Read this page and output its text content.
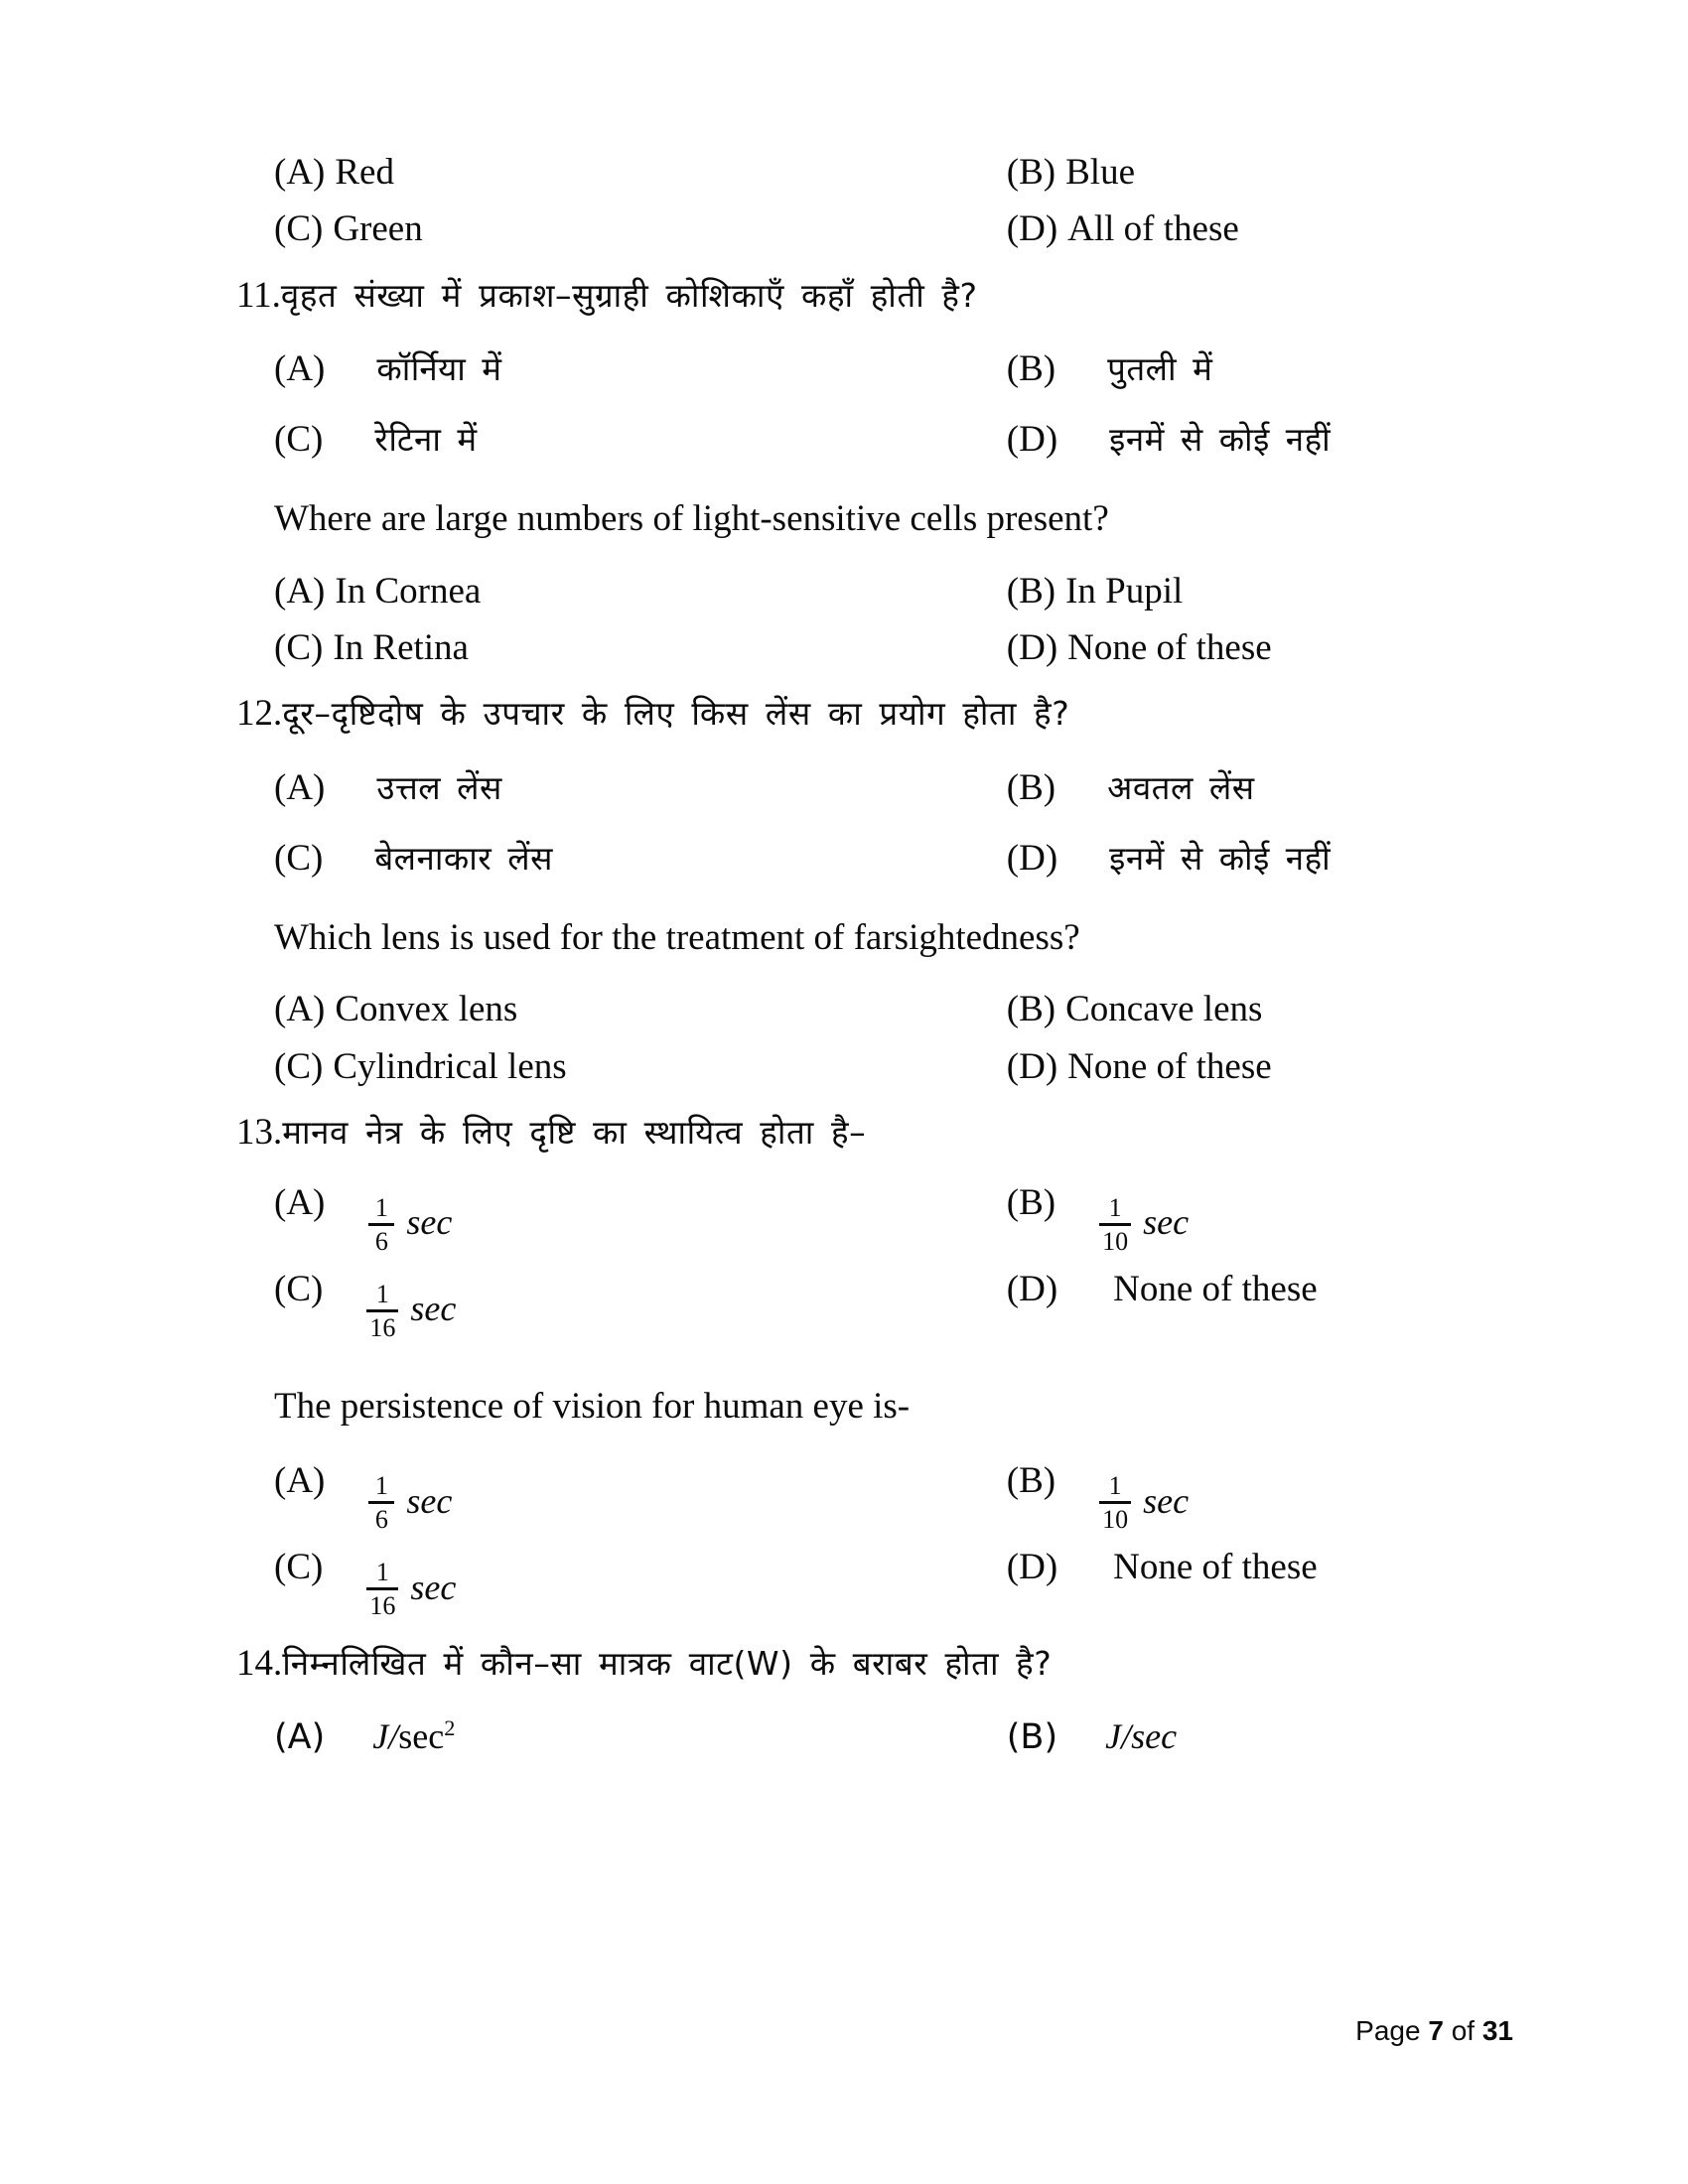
(A) Red	(B) Blue
(C) Green	(D) All of these
11. वृहत संख्या में प्रकाश–सुग्राही कोशिकाएँ कहाँ होती है?
(A)	कॉर्निया में	(B)	पुतली में
(C)	रेटिना में	(D)	इनमें से कोई नहीं
Where are large numbers of light-sensitive cells present?
(A) In Cornea	(B) In Pupil
(C) In Retina	(D) None of these
12. दूर–दृष्टिदोष के उपचार के लिए किस लेंस का प्रयोग होता है?
(A)	उत्तल लेंस	(B)	अवतल लेंस
(C)	बेलनाकार लेंस	(D)	इनमें से कोई नहीं
Which lens is used for the treatment of farsightedness?
(A) Convex lens	(B) Concave lens
(C) Cylindrical lens	(D) None of these
13. मानव नेत्र के लिए दृष्टि का स्थायित्व होता है–
$(A) \frac{1}{6}$ sec	$(B) \frac{1}{10}$ sec
$(C) \frac{1}{16}$ sec	(D)	None of these
The persistence of vision for human eye is-
$(A) \frac{1}{6}$ sec	$(B) \frac{1}{10}$ sec
$(C) \frac{1}{16}$ sec	(D)	None of these
14. निम्नलिखित में कौन–सा मात्रक वाट(W) के बराबर होता है?
(A)	$J/\sec^2$	(B)	J/sec
Page 7 of 31
